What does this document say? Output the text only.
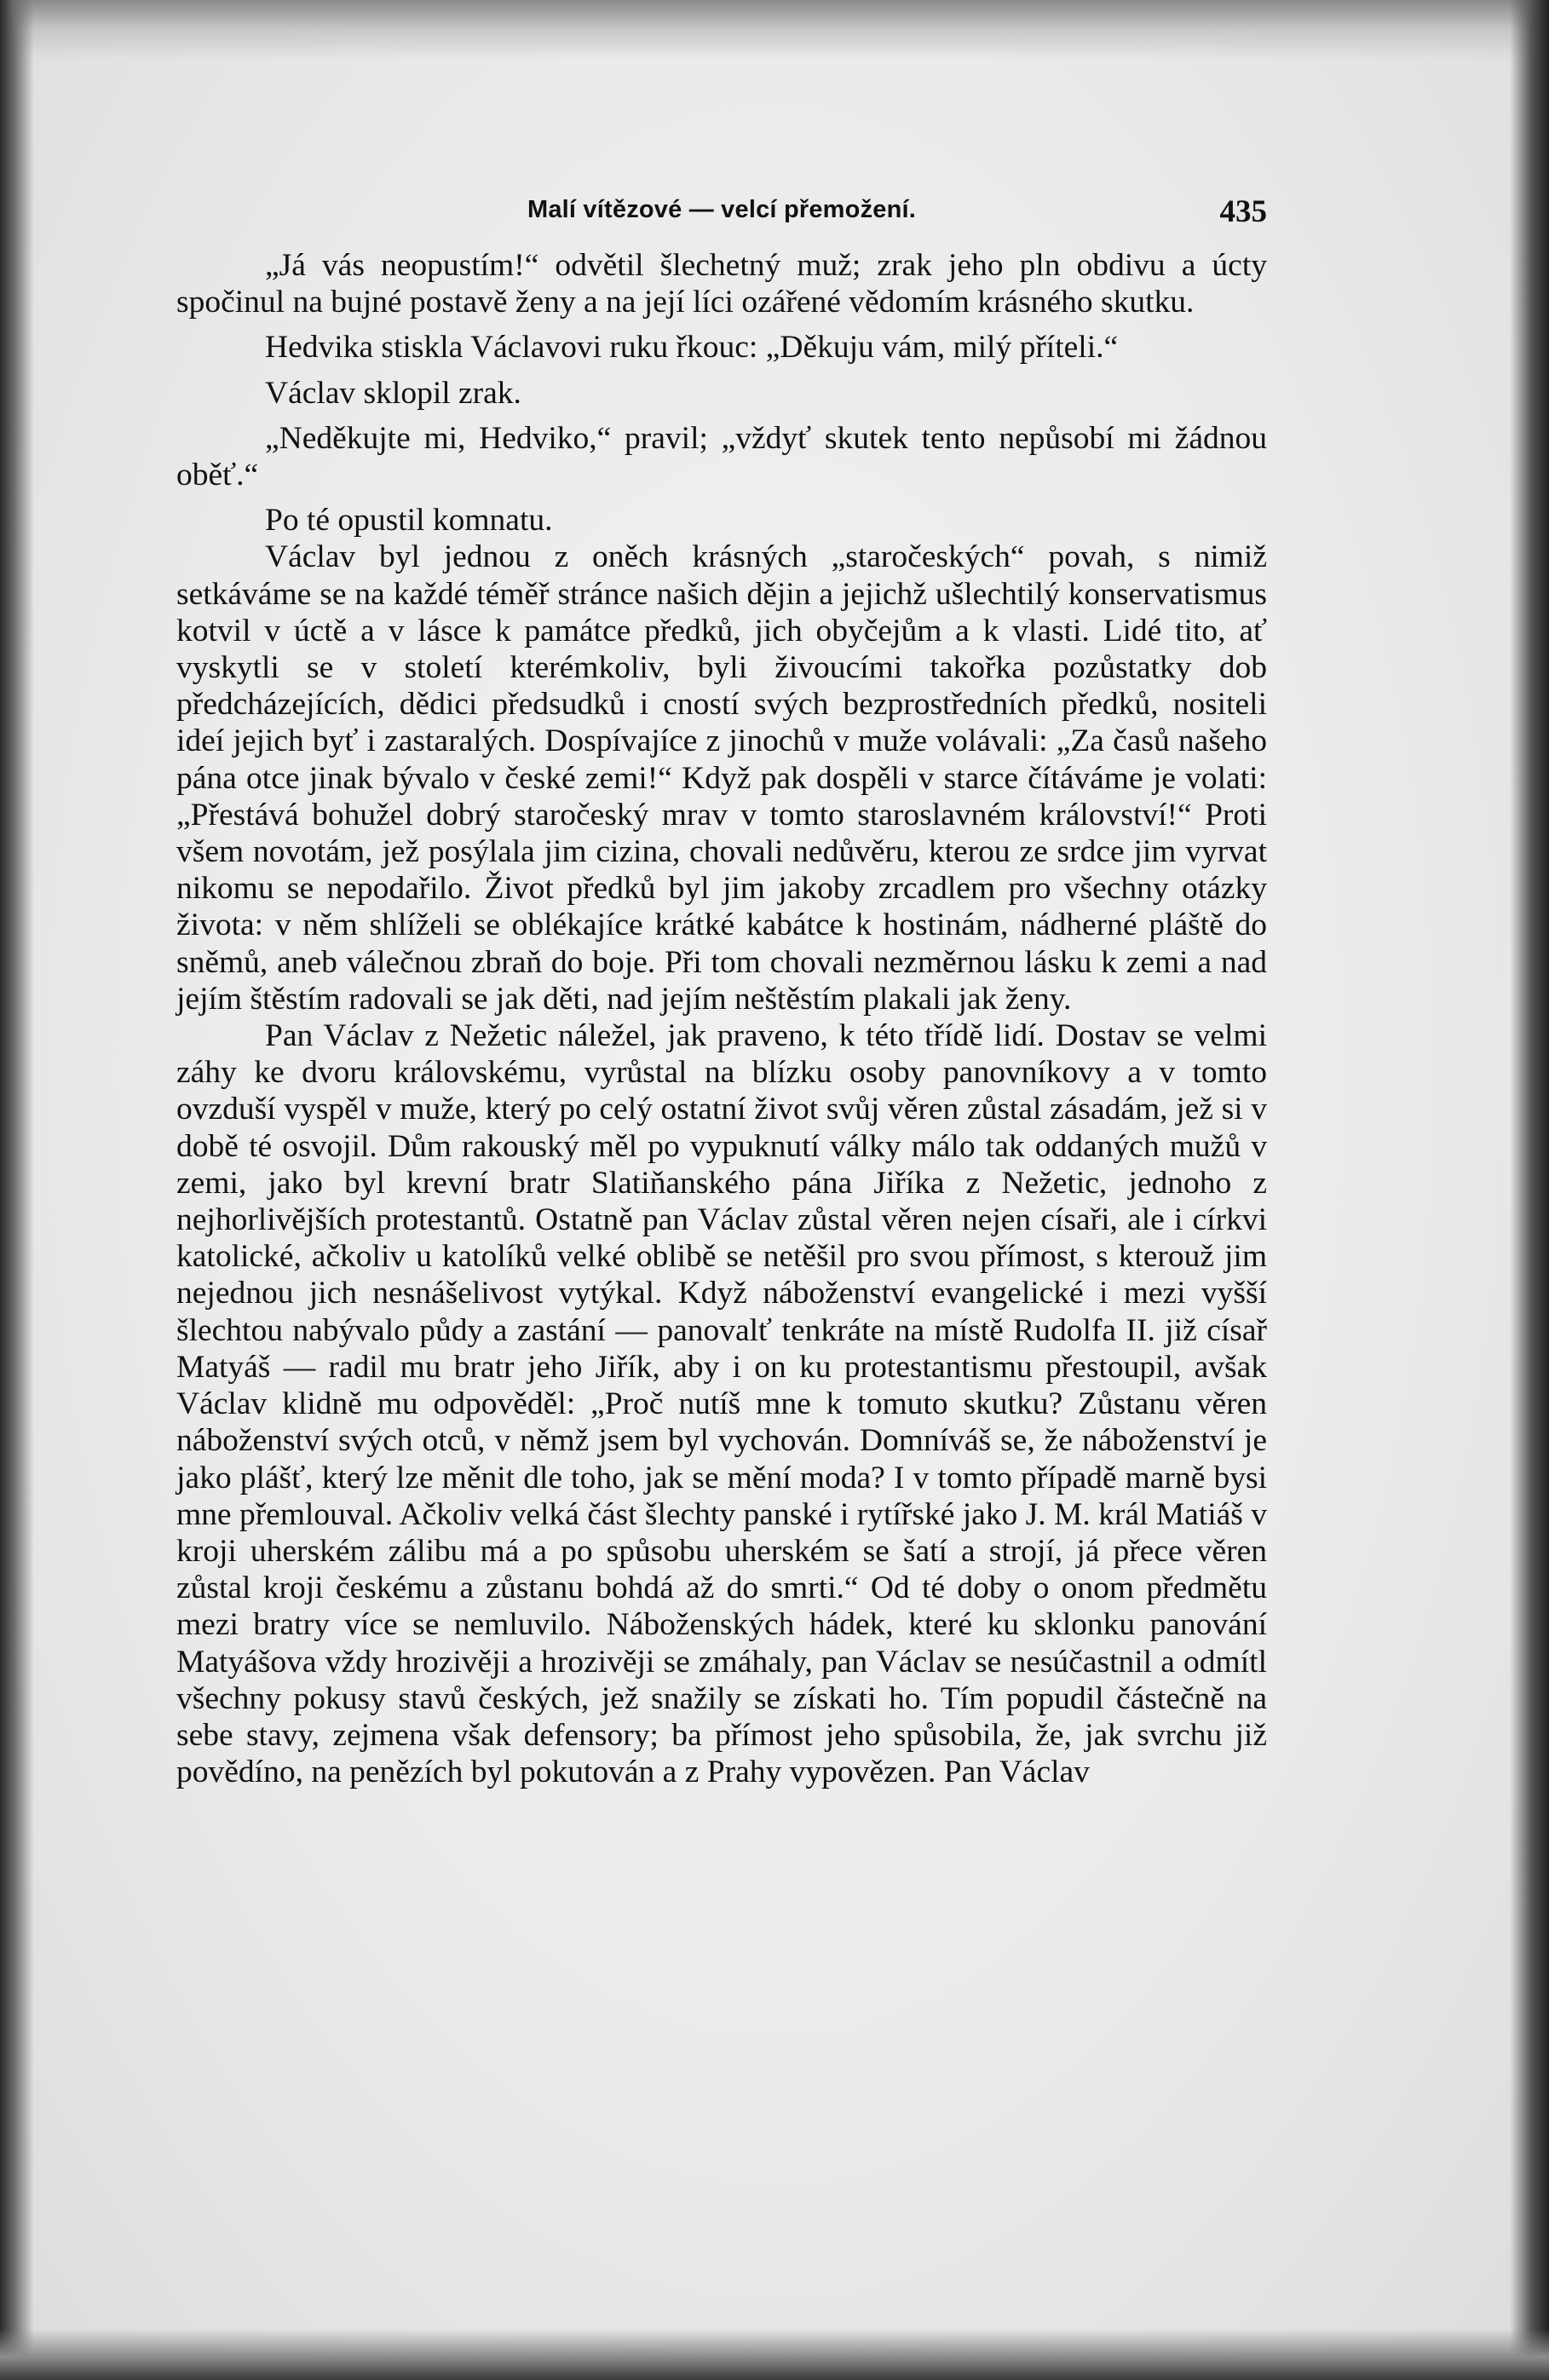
Malí vítězové — velcí přemožení.	435

„Já vás neopustím!“ odvětil šlechetný muž; zrak jeho pln obdivu a úcty spočinul na bujné postavě ženy a na její líci ozářené vědomím krásného skutku.

Hedvika stiskla Václavovi ruku řkouc: „Děkuju vám, milý příteli.“

Václav sklopil zrak.

„Neděkujte mi, Hedviko,“ pravil; „vždyť skutek tento nepůsobí mi žádnou oběť.“

Po té opustil komnatu.

Václav byl jednou z oněch krásných „staročeských“ povah, s nimiž setkáváme se na každé téměř stránce našich dějin a jejichž ušlechtilý konservatismus kotvil v úctě a v lásce k památce předků, jich obyčejům a k vlasti. Lidé tito, ať vyskytli se v století kterémkoliv, byli živoucími takořka pozůstatky dob předcházejících, dědici předsudků i cností svých bezprostředních předků, nositeli ideí jejich byť i zastaralých. Dospívajíce z jinochů v muže volávali: „Za časů našeho pána otce jinak bývalo v české zemi!“ Když pak dospěli v starce čítáváme je volati: „Přestává bohužel dobrý staročeský mrav v tomto staroslavném království!“ Proti všem novotám, jež posýlala jim cizina, chovali nedůvěru, kterou ze srdce jim vyrvat nikomu se nepodařilo. Život předků byl jim jakoby zrcadlem pro všechny otázky života: v něm shlíželi se oblékajíce krátké kabátce k hostinám, nádherné pláště do sněmů, aneb válečnou zbraň do boje. Při tom chovali nezměrnou lásku k zemi a nad jejím štěstím radovali se jak děti, nad jejím neštěstím plakali jak ženy.

Pan Václav z Nežetic náležel, jak praveno, k této třídě lidí. Dostav se velmi záhy ke dvoru královskému, vyrůstal na blízku osoby panovníkovy a v tomto ovzduší vyspěl v muže, který po celý ostatní život svůj věren zůstal zásadám, jež si v době té osvojil. Dům rakouský měl po vypuknutí války málo tak oddaných mužů v zemi, jako byl krevní bratr Slatiňanského pána Jiříka z Nežetic, jednoho z nejhorlivějších protestantů. Ostatně pan Václav zůstal věren nejen císaři, ale i církvi katolické, ačkoliv u katolíků velké oblibě se netěšil pro svou přímost, s kterouž jim nejednou jich nesnášelivost vytýkal. Když náboženství evangelické i mezi vyšší šlechtou nabývalo půdy a zastání — panovalť tenkráte na místě Rudolfa II. již císař Matyáš — radil mu bratr jeho Jiřík, aby i on ku protestantismu přestoupil, avšak Václav klidně mu odpověděl: „Proč nutíš mne k tomuto skutku? Zůstanu věren náboženství svých otců, v němž jsem byl vychován. Domníváš se, že náboženství je jako plášť, který lze měnit dle toho, jak se mění moda? I v tomto případě marně bysi mne přemlouval. Ačkoliv velká část šlechty panské i rytířské jako J. M. král Matiáš v kroji uherském zálibu má a po spůsobu uherském se šatí a strojí, já přece věren zůstal kroji českému a zůstanu bohdá až do smrti.“ Od té doby o onom předmětu mezi bratry více se nemluvilo. Náboženských hádek, které ku sklonku panování Matyášova vždy hrozivěji a hrozivěji se zmáhaly, pan Václav se nesúčastnil a odmítl všechny pokusy stavů českých, jež snažily se získati ho. Tím popudil částečně na sebe stavy, zejmena však defensory; ba přímost jeho spůsobila, že, jak svrchu již povědíno, na penězích byl pokutován a z Prahy vypovězen. Pan Václav
